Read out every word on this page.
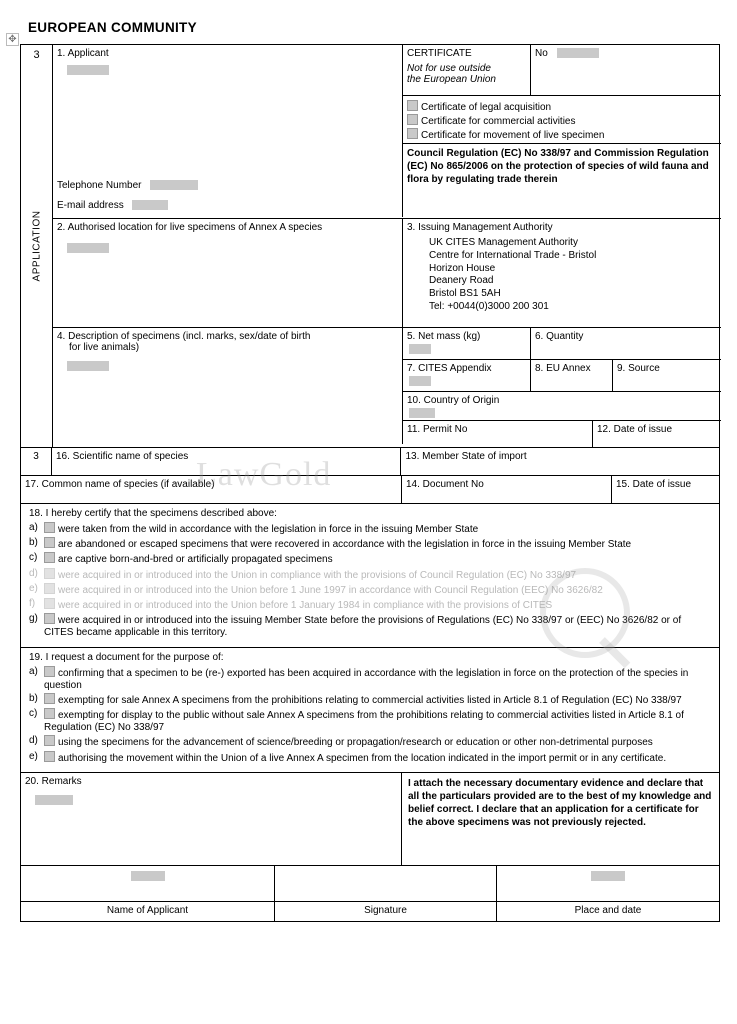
✥
EUROPEAN COMMUNITY
3
APPLICATION
1. Applicant
Telephone Number
E-mail address
CERTIFICATE
Not for use outside
the European Union
No
Certificate of legal acquisition
Certificate for commercial activities
Certificate for movement of live specimen
Council Regulation (EC) No 338/97 and Commission Regulation (EC) No 865/2006 on the protection of species of wild fauna and flora by regulating trade therein
2. Authorised location for live specimens of Annex A species	3. Issuing Management Authority
UK CITES Management Authority
Centre for International Trade - Bristol
Horizon House
Deanery Road
Bristol BS1 5AH
Tel: +0044(0)3000 200 301
4. Description of specimens (incl. marks, sex/date of birth
for live animals)
5. Net mass (kg)	6. Quantity
7. CITES Appendix	8. EU Annex	9. Source
10. Country of Origin
11. Permit No	12. Date of issue
3	16. Scientific name of species	13. Member State of import
17. Common name of species (if available)	14. Document No	15. Date of issue
18. I hereby certify that the specimens described above:
a)	were taken from the wild in accordance with the legislation in force in the issuing Member State
b)	are abandoned or escaped specimens that were recovered in accordance with the legislation in force in the issuing Member State
c)	are captive born-and-bred or artificially propagated specimens
d)	were acquired in or introduced into the Union in compliance with the provisions of Council Regulation (EC) No 338/97
e)	were acquired in or introduced into the Union before 1 June 1997 in accordance with Council Regulation (EEC) No 3626/82
f)	were acquired in or introduced into the Union before 1 January 1984 in compliance with the provisions of CITES
g)	were acquired in or introduced into the issuing Member State before the provisions of Regulations (EC) No 338/97 or (EEC) No 3626/82 or of CITES became applicable in this territory.
19. I request a document for the purpose of:
a)	confirming that a specimen to be (re-) exported has been acquired in accordance with the legislation in force on the protection of the species in question
b)	exempting for sale Annex A specimens from the prohibitions relating to commercial activities listed in Article 8.1 of Regulation (EC) No 338/97
c)	exempting for display to the public without sale Annex A specimens from the prohibitions relating to commercial activities listed in Article 8.1 of Regulation (EC) No 338/97
d)	using the specimens for the advancement of science/breeding or propagation/research or education or other non-detrimental purposes
e)	authorising the movement within the Union of a live Annex A specimen from the location indicated in the import permit or in any certificate.
20. Remarks	I attach the necessary documentary evidence and declare that all the particulars provided are to the best of my knowledge and belief correct. I declare that an application for a certificate for the above specimens was not previously rejected.
Name of Applicant	Signature	Place and date
LawGold
